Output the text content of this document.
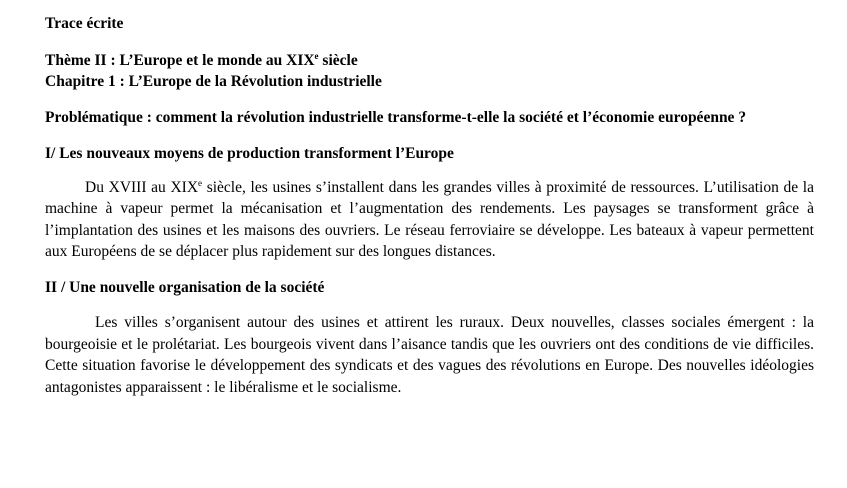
Trace écrite

Thème II : L’Europe et le monde au XIXe siècle

Chapitre 1 : L’Europe de la Révolution industrielle

Problématique : comment la révolution industrielle transforme-t-elle la société et l’économie européenne ?

I/ Les nouveaux moyens de production transforment l’Europe

Du XVIII au XIXe siècle, les usines s’installent dans les grandes villes à proximité de ressources. L’utilisation de la machine à vapeur permet la mécanisation et l’augmentation des rendements. Les paysages se transforment grâce à l’implantation des usines et les maisons des ouvriers. Le réseau ferroviaire se développe. Les bateaux à vapeur permettent aux Européens de se déplacer plus rapidement sur des longues distances.

II / Une nouvelle organisation de la société

Les villes s’organisent autour des usines et attirent les ruraux. Deux nouvelles, classes sociales émergent : la bourgeoisie et le prolétariat. Les bourgeois vivent dans l’aisance tandis que les ouvriers ont des conditions de vie difficiles. Cette situation favorise le développement des syndicats et des vagues des révolutions en Europe. Des nouvelles idéologies antagonistes apparaissent : le libéralisme et le socialisme.
